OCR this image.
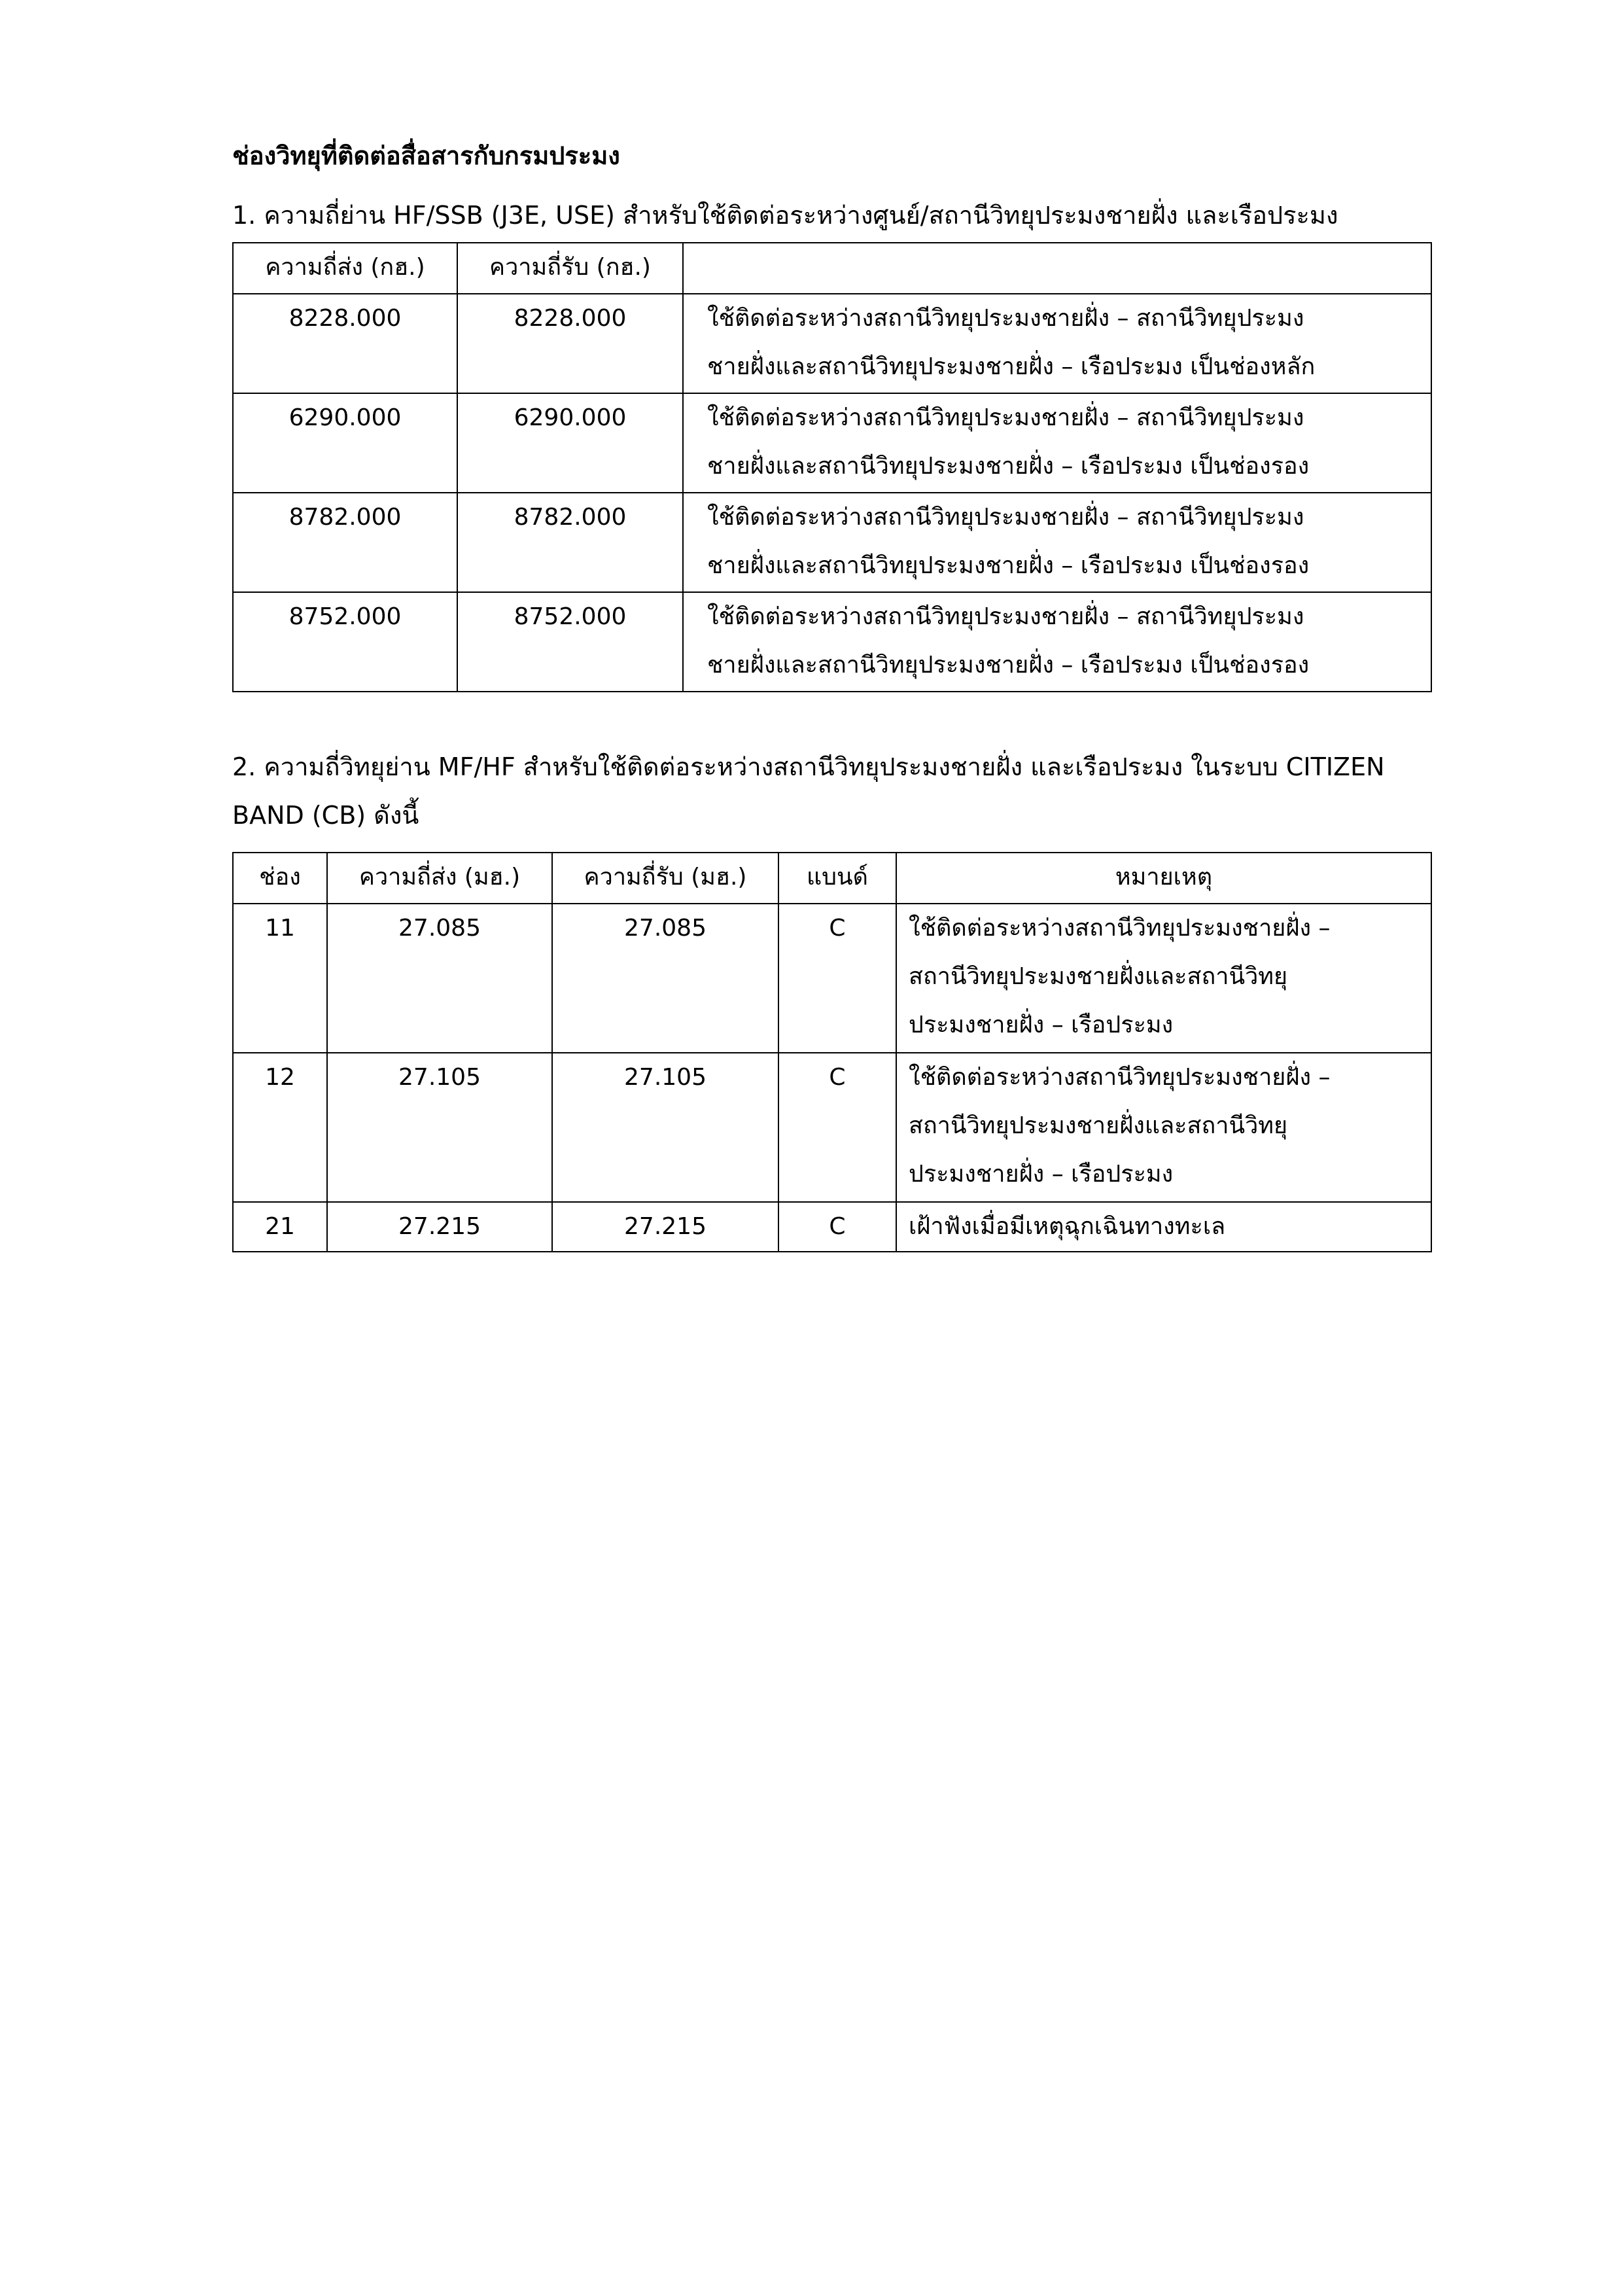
ช่องวิทยุที่ติดต่อสื่อสารกับกรมประมง
1. ความถี่ย่าน HF/SSB (J3E, USE) สำหรับใช้ติดต่อระหว่างศูนย์/สถานีวิทยุประมงชายฝั่ง และเรือประมง
ความถี่ส่ง (กฮ.)	ความถี่รับ (กฮ.)	
8228.000	8228.000	ใช้ติดต่อระหว่างสถานีวิทยุประมงชายฝั่ง – สถานีวิทยุประมง
ชายฝั่งและสถานีวิทยุประมงชายฝั่ง – เรือประมง เป็นช่องหลัก

6290.000	6290.000	ใช้ติดต่อระหว่างสถานีวิทยุประมงชายฝั่ง – สถานีวิทยุประมง
ชายฝั่งและสถานีวิทยุประมงชายฝั่ง – เรือประมง เป็นช่องรอง

8782.000	8782.000	ใช้ติดต่อระหว่างสถานีวิทยุประมงชายฝั่ง – สถานีวิทยุประมง
ชายฝั่งและสถานีวิทยุประมงชายฝั่ง – เรือประมง เป็นช่องรอง

8752.000	8752.000	ใช้ติดต่อระหว่างสถานีวิทยุประมงชายฝั่ง – สถานีวิทยุประมง
ชายฝั่งและสถานีวิทยุประมงชายฝั่ง – เรือประมง เป็นช่องรอง
2. ความถี่วิทยุย่าน MF/HF สำหรับใช้ติดต่อระหว่างสถานีวิทยุประมงชายฝั่ง และเรือประมง ในระบบ CITIZEN BAND (CB) ดังนี้
ช่อง	ความถี่ส่ง (มฮ.)	ความถี่รับ (มฮ.)	แบนด์	หมายเหตุ
11	27.085	27.085	C	ใช้ติดต่อระหว่างสถานีวิทยุประมงชายฝั่ง –
สถานีวิทยุประมงชายฝั่งและสถานีวิทยุ
ประมงชายฝั่ง – เรือประมง

12	27.105	27.105	C	ใช้ติดต่อระหว่างสถานีวิทยุประมงชายฝั่ง –
สถานีวิทยุประมงชายฝั่งและสถานีวิทยุ
ประมงชายฝั่ง – เรือประมง

21	27.215	27.215	C	เฝ้าฟังเมื่อมีเหตุฉุกเฉินทางทะเล
